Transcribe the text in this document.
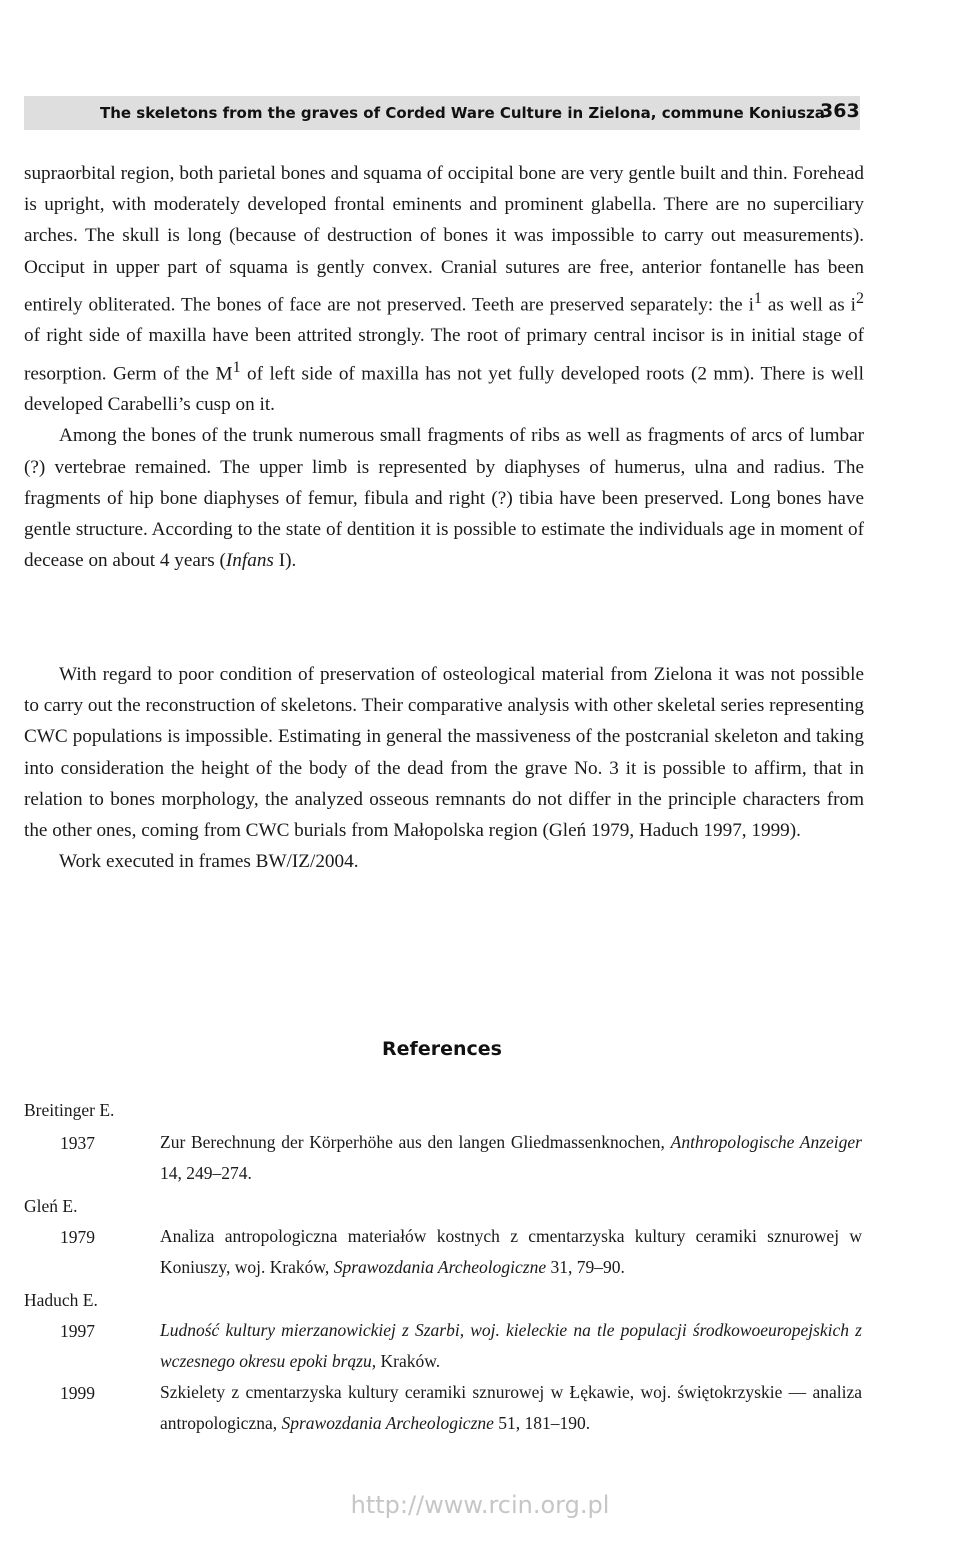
The skeletons from the graves of Corded Ware Culture in Zielona, commune Koniusza
363

supraorbital region, both parietal bones and squama of occipital bone are very gentle built and thin. Forehead is upright, with moderately developed frontal eminents and prominent glabella. There are no superciliary arches. The skull is long (because of destruction of bones it was impossible to carry out measurements). Occiput in upper part of squama is gently convex. Cranial sutures are free, anterior fontanelle has been entirely obliterated. The bones of face are not preserved. Teeth are preserved separately: the $i^1$ as well as $i^2$ of right side of maxilla have been attrited strongly. The root of primary central incisor is in initial stage of resorption. Germ of the $M^1$ of left side of maxilla has not yet fully developed roots (2 mm). There is well developed Carabelli’s cusp on it.

Among the bones of the trunk numerous small fragments of ribs as well as fragments of arcs of lumbar (?) vertebrae remained. The upper limb is represented by diaphyses of humerus, ulna and radius. The fragments of hip bone diaphyses of femur, fibula and right (?) tibia have been preserved. Long bones have gentle structure. According to the state of dentition it is possible to estimate the individuals age in moment of decease on about 4 years (Infans I).

With regard to poor condition of preservation of osteological material from Zielona it was not possible to carry out the reconstruction of skeletons. Their comparative analysis with other skeletal series representing CWC populations is impossible. Estimating in general the massiveness of the postcranial skeleton and taking into consideration the height of the body of the dead from the grave No. 3 it is possible to affirm, that in relation to bones morphology, the analyzed osseous remnants do not differ in the principle characters from the other ones, coming from CWC burials from Małopolska region (Gleń 1979, Haduch 1997, 1999).

Work executed in frames BW/IZ/2004.

References
Breitinger E.
1937	Zur Berechnung der Körperhöhe aus den langen Gliedmassenknochen, Anthropologische Anzeiger 14, 249–274.
Gleń E.
1979	Analiza antropologiczna materiałów kostnych z cmentarzyska kultury ceramiki sznurowej w Koniuszy, woj. Kraków, Sprawozdania Archeologiczne 31, 79–90.
Haduch E.
1997	Ludność kultury mierzanowickiej z Szarbi, woj. kieleckie na tle populacji środkowoeuropejskich z wczesnego okresu epoki brązu, Kraków.
1999	Szkielety z cmentarzyska kultury ceramiki sznurowej w Łękawie, woj. świętokrzyskie — analiza antropologiczna, Sprawozdania Archeologiczne 51, 181–190.
http://www.rcin.org.pl
